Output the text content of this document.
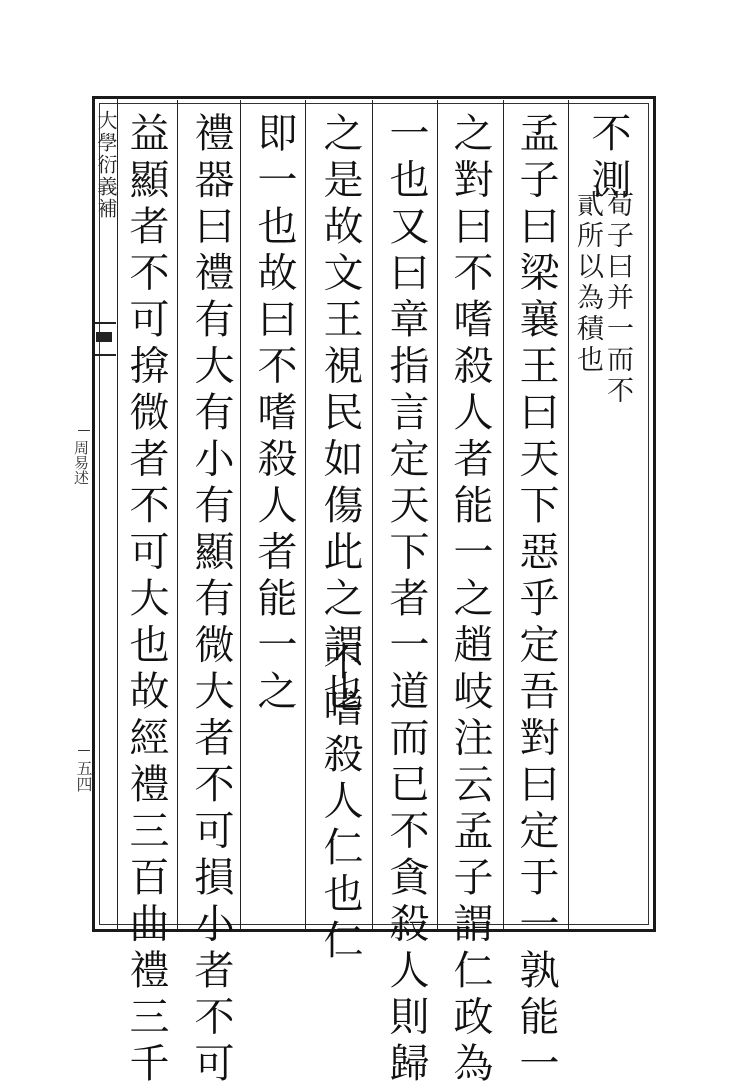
大學衍義補
周易述
五四
不測
荀子曰并一而不
貳所以為積也
孟子曰梁襄王曰天下惡乎定吾對曰定于一孰能一
之對曰不嗜殺人者能一之趙岐注云孟子謂仁政為
一也又曰章指言定天下者一道而已不貪殺人則歸
之是故文王視民如傷此之謂也
不嗜殺人仁也仁
即一也故曰不嗜殺人者能一之
禮器曰禮有大有小有顯有微大者不可損小者不可
益顯者不可揜微者不可大也故經禮三百曲禮三千
